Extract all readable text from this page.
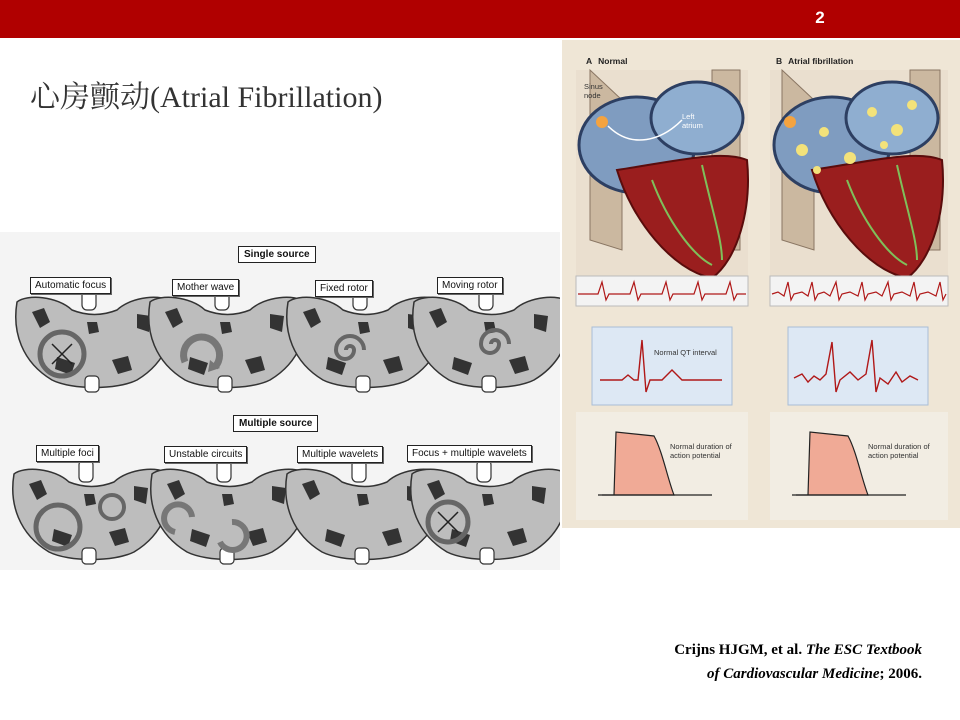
2
心房颤动(Atrial Fibrillation)
Single source
Automatic focus	Mother wave	Fixed rotor	Moving rotor
Multiple source
Multiple foci	Unstable circuits	Multiple wavelets	Focus + multiple wavelets
A Normal	B Atrial fibrillation
Sinus node
Left atrium
Normal QT interval
Normal duration of action potential
Normal duration of action potential
Crijns HJGM, et al. The ESC Textbook
of Cardiovascular Medicine; 2006.
